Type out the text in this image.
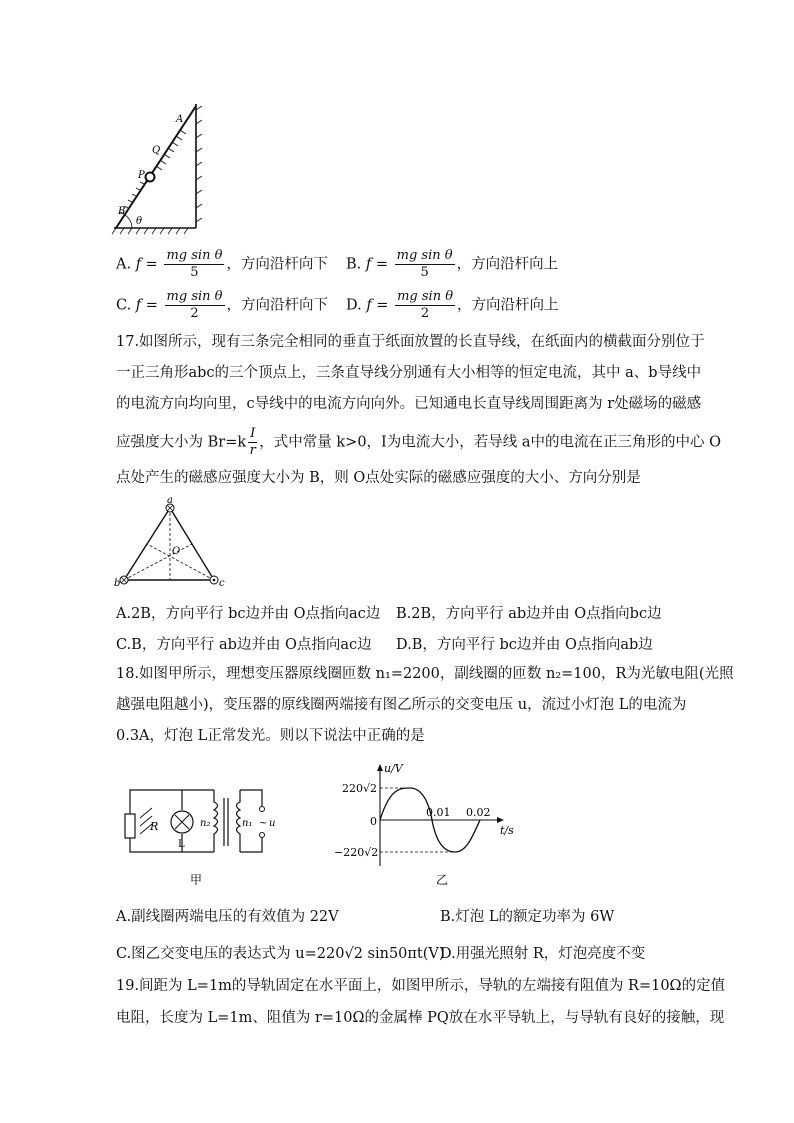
A
Q
P
B
θ
A. $f = \frac{\text{mg sin θ}}{5}$ ，方向沿杆向下 B. $f = \frac{\text{mg sin θ}}{5}$ ，方向沿杆向上
C. $f = \frac{\text{mg sin θ}}{2}$ ，方向沿杆向下 D. $f = \frac{\text{mg sin θ}}{2}$ ，方向沿杆向上
17.如图所示，现有三条完全相同的垂直于纸面放置的长直导线，在纸面内的横截面分别位于
一正三角形abc的三个顶点上，三条直导线分别通有大小相等的恒定电流，其中 a、b导线中
的电流方向均向里，c导线中的电流方向向外。已知通电长直导线周围距离为 r处磁场的磁感
应强度大小为 $Br=k \frac{I}{r}$ ，式中常量 k>0，I为电流大小，若导线 a中的电流在正三角形的中心 O
点处产生的磁感应强度大小为 B，则 O点处实际的磁感应强度的大小、方向分别是
a
b	c
O
A.2B，方向平行 bc边并由 O点指向ac边 B.2B，方向平行 ab边并由 O点指向bc边
C.B，方向平行 ab边并由 O点指向ac边 D.B，方向平行 bc边并由 O点指向ab边
18.如图甲所示，理想变压器原线圈匝数 n₁=2200，副线圈的匝数 n₂=100，R为光敏电阻(光照
越强电阻越小)，变压器的原线圈两端接有图乙所示的交变电压 u，流过小灯泡 L的电流为
0.3A，灯泡 L正常发光。则以下说法中正确的是
~
R
L
n₂	n₁ u
甲
u/V
220√2
0
−220√2
0.01 0.02
t/s
乙
A.副线圈两端电压的有效值为 22V	B.灯泡 L的额定功率为 6W
C.图乙交变电压的表达式为 u=220√2 sin50πt(V)
D.用强光照射 R，灯泡亮度不变
19.间距为 L=1m的导轨固定在水平面上，如图甲所示，导轨的左端接有阻值为 R=10Ω的定值
电阻，长度为 L=1m、阻值为 r=10Ω的金属棒 PQ放在水平导轨上，与导轨有良好的接触，现
